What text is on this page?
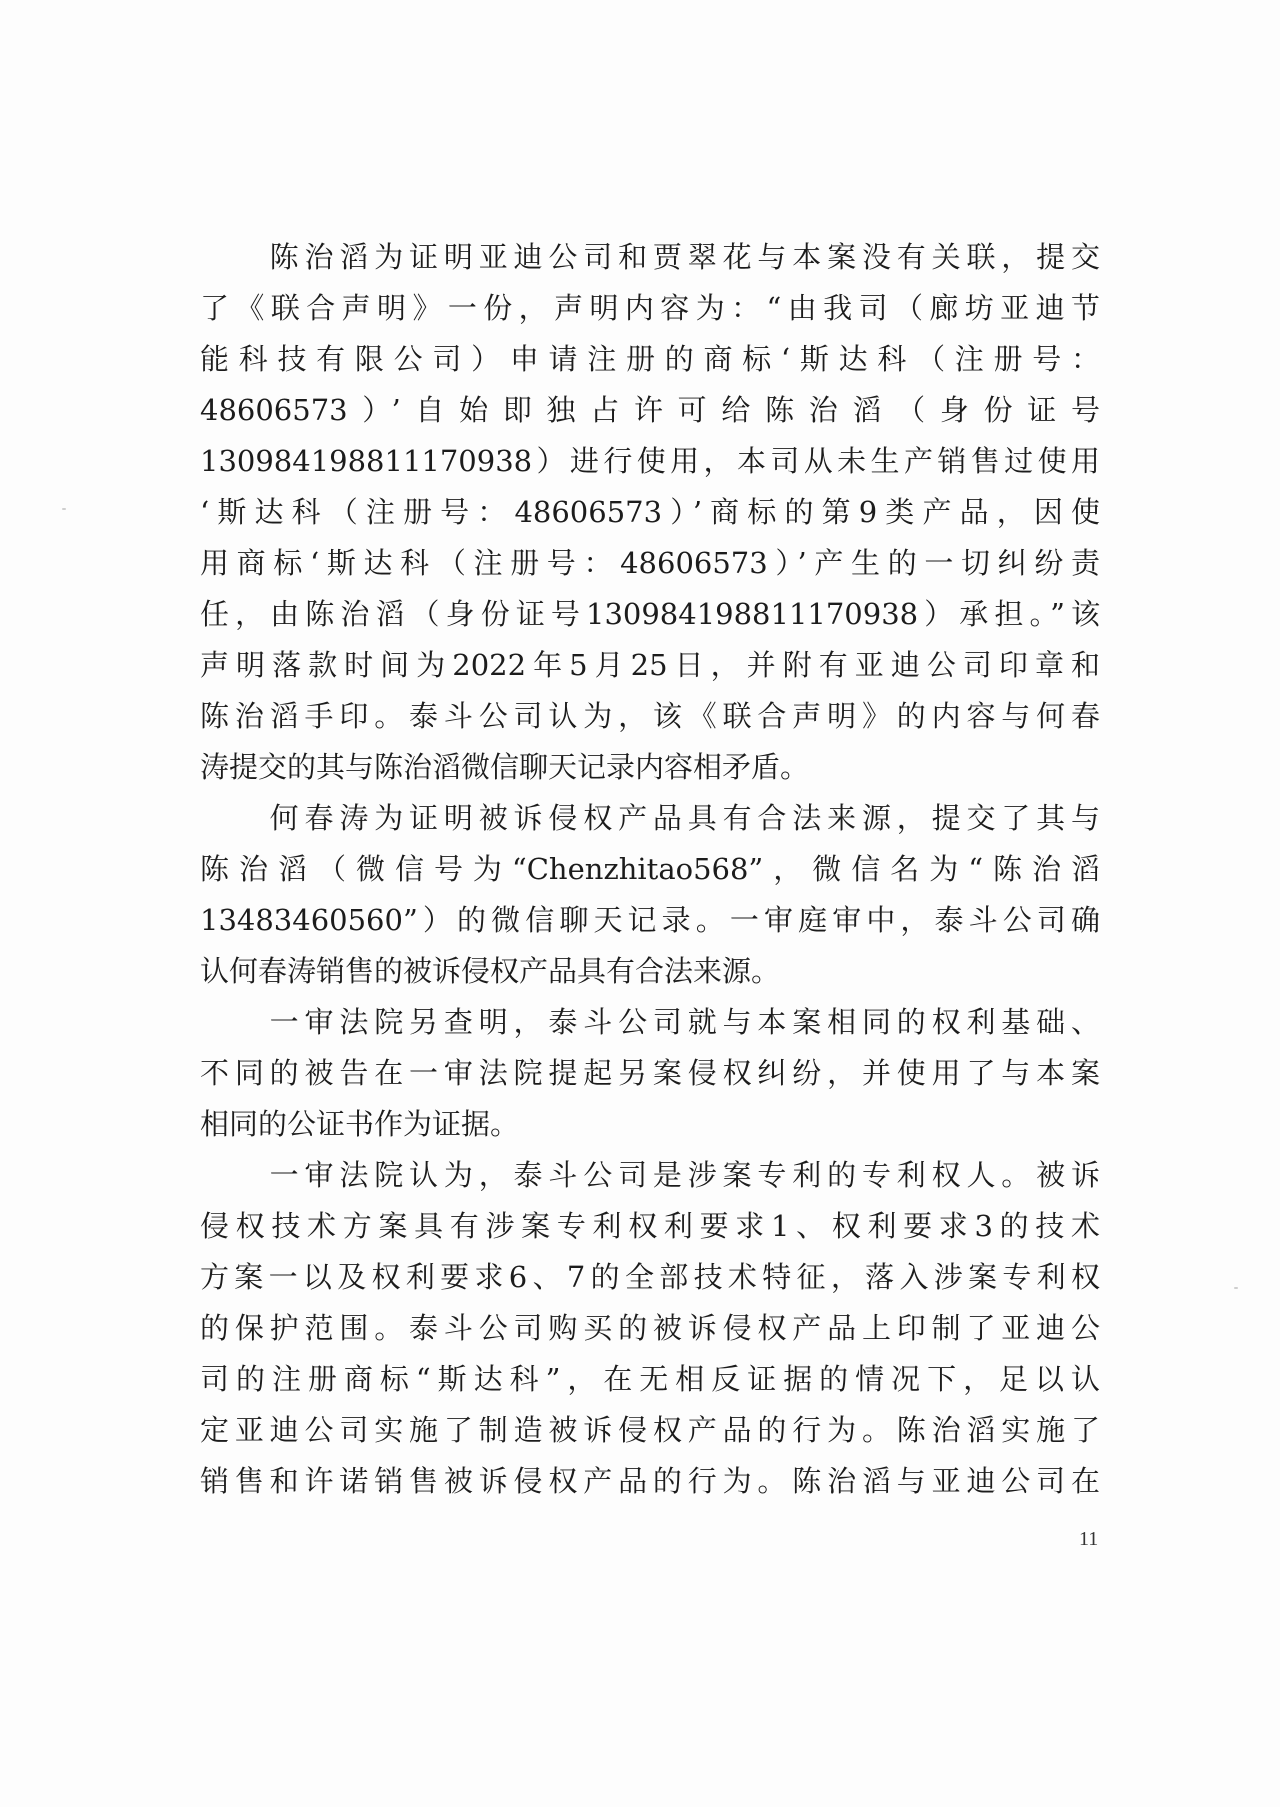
　　陈治滔为证明亚迪公司和贾翠花与本案没有关联，提交
了《联合声明》一份，声明内容为：“由我司（廊坊亚迪节
能科技有限公司）申请注册的商标‘斯达科（注册号：
48606573）’自始即独占许可给陈治滔（身份证号
130984198811170938）进行使用，本司从未生产销售过使用
‘斯达科（注册号：48606573）’商标的第9类产品，因使
用商标‘斯达科（注册号：48606573）’产生的一切纠纷责
任，由陈治滔（身份证号130984198811170938）承担。”该
声明落款时间为2022年5月25日，并附有亚迪公司印章和
陈治滔手印。泰斗公司认为，该《联合声明》的内容与何春
涛提交的其与陈治滔微信聊天记录内容相矛盾。
　　何春涛为证明被诉侵权产品具有合法来源，提交了其与
陈治滔（微信号为“Chenzhitao568”，微信名为“陈治滔
13483460560”）的微信聊天记录。一审庭审中，泰斗公司确
认何春涛销售的被诉侵权产品具有合法来源。
　　一审法院另查明，泰斗公司就与本案相同的权利基础、
不同的被告在一审法院提起另案侵权纠纷，并使用了与本案
相同的公证书作为证据。
　　一审法院认为，泰斗公司是涉案专利的专利权人。被诉
侵权技术方案具有涉案专利权利要求1、权利要求3的技术
方案一以及权利要求6、7的全部技术特征，落入涉案专利权
的保护范围。泰斗公司购买的被诉侵权产品上印制了亚迪公
司的注册商标“斯达科”，在无相反证据的情况下，足以认
定亚迪公司实施了制造被诉侵权产品的行为。陈治滔实施了
销售和许诺销售被诉侵权产品的行为。陈治滔与亚迪公司在
11
